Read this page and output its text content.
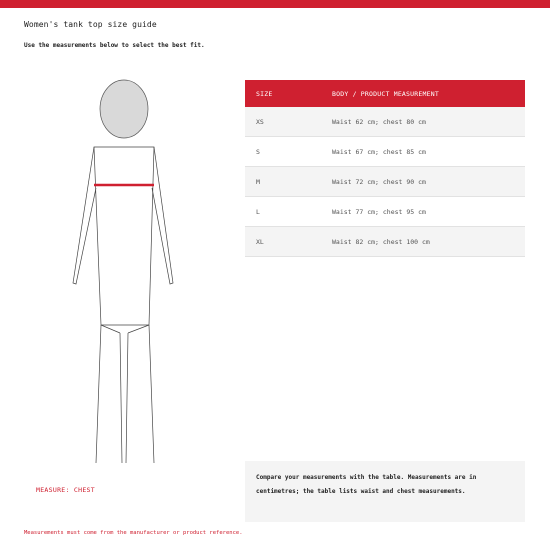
Women's tank top size guide
Use the measurements below to select the best fit.
MEASURE: CHEST
SIZE	BODY / PRODUCT MEASUREMENT
XS	Waist 62 cm; chest 80 cm
S	Waist 67 cm; chest 85 cm
M	Waist 72 cm; chest 90 cm
L	Waist 77 cm; chest 95 cm
XL	Waist 82 cm; chest 100 cm
Compare your measurements with the table. Measurements are in
centimetres; the table lists waist and chest measurements.
Measurements must come from the manufacturer or product reference.
